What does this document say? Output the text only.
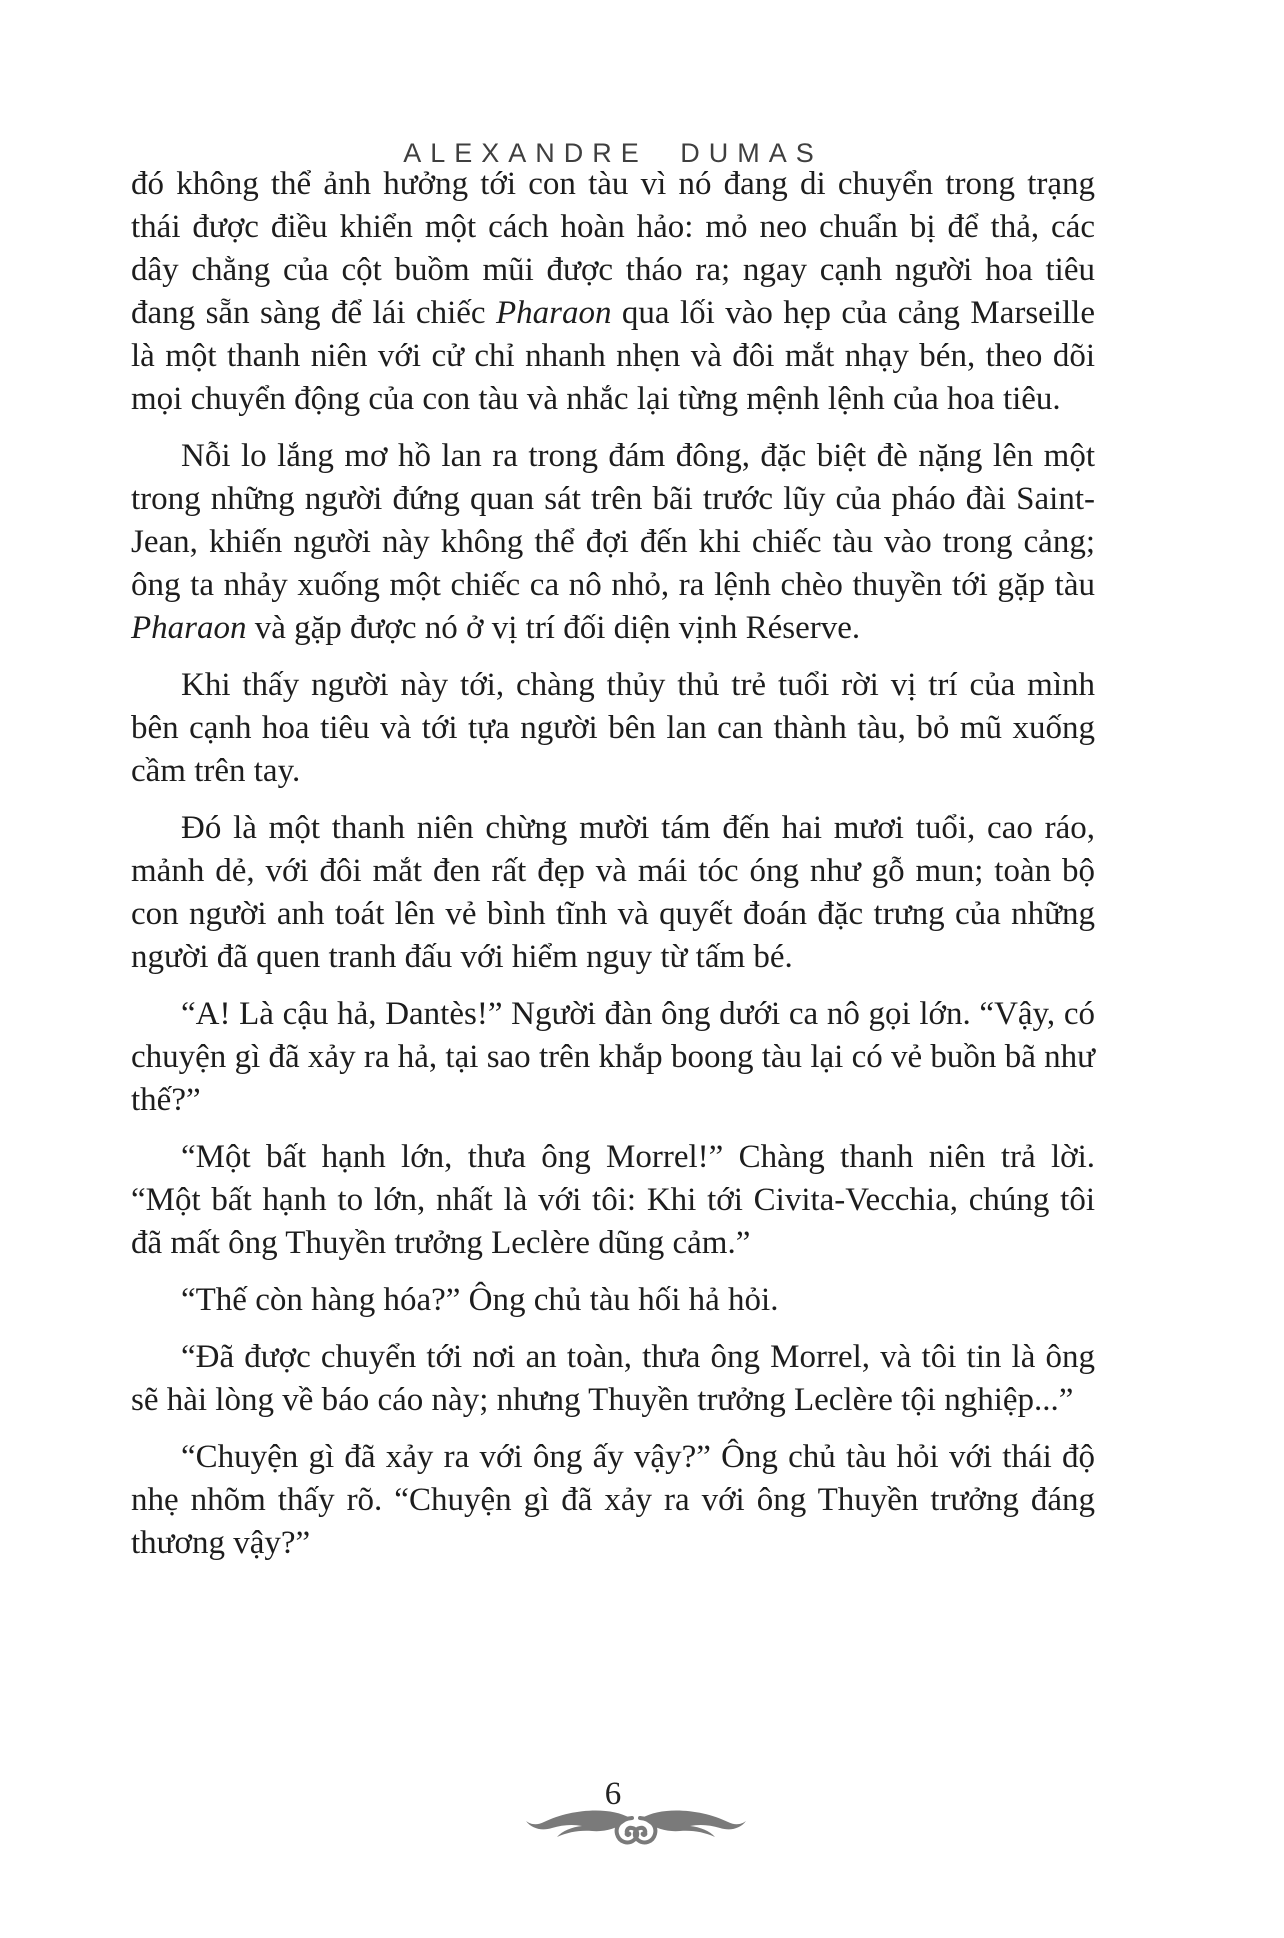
ALEXANDRE DUMAS

đó không thể ảnh hưởng tới con tàu vì nó đang di chuyển trong trạng thái được điều khiển một cách hoàn hảo: mỏ neo chuẩn bị để thả, các dây chằng của cột buồm mũi được tháo ra; ngay cạnh người hoa tiêu đang sẵn sàng để lái chiếc Pharaon qua lối vào hẹp của cảng Marseille là một thanh niên với cử chỉ nhanh nhẹn và đôi mắt nhạy bén, theo dõi mọi chuyển động của con tàu và nhắc lại từng mệnh lệnh của hoa tiêu.

Nỗi lo lắng mơ hồ lan ra trong đám đông, đặc biệt đè nặng lên một trong những người đứng quan sát trên bãi trước lũy của pháo đài Saint-Jean, khiến người này không thể đợi đến khi chiếc tàu vào trong cảng; ông ta nhảy xuống một chiếc ca nô nhỏ, ra lệnh chèo thuyền tới gặp tàu Pharaon và gặp được nó ở vị trí đối diện vịnh Réserve.

Khi thấy người này tới, chàng thủy thủ trẻ tuổi rời vị trí của mình bên cạnh hoa tiêu và tới tựa người bên lan can thành tàu, bỏ mũ xuống cầm trên tay.

Đó là một thanh niên chừng mười tám đến hai mươi tuổi, cao ráo, mảnh dẻ, với đôi mắt đen rất đẹp và mái tóc óng như gỗ mun; toàn bộ con người anh toát lên vẻ bình tĩnh và quyết đoán đặc trưng của những người đã quen tranh đấu với hiểm nguy từ tấm bé.

“A! Là cậu hả, Dantès!” Người đàn ông dưới ca nô gọi lớn. “Vậy, có chuyện gì đã xảy ra hả, tại sao trên khắp boong tàu lại có vẻ buồn bã như thế?”

“Một bất hạnh lớn, thưa ông Morrel!” Chàng thanh niên trả lời. “Một bất hạnh to lớn, nhất là với tôi: Khi tới Civita-Vecchia, chúng tôi đã mất ông Thuyền trưởng Leclère dũng cảm.”

“Thế còn hàng hóa?” Ông chủ tàu hối hả hỏi.

“Đã được chuyển tới nơi an toàn, thưa ông Morrel, và tôi tin là ông sẽ hài lòng về báo cáo này; nhưng Thuyền trưởng Leclère tội nghiệp...”

“Chuyện gì đã xảy ra với ông ấy vậy?” Ông chủ tàu hỏi với thái độ nhẹ nhõm thấy rõ. “Chuyện gì đã xảy ra với ông Thuyền trưởng đáng thương vậy?”

6
